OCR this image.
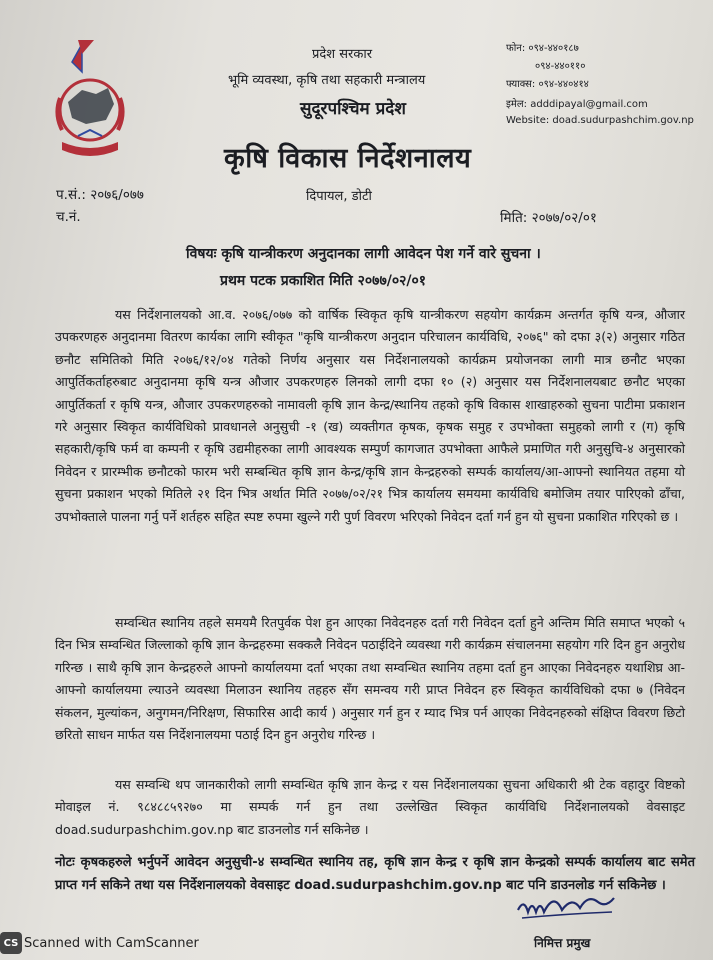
प्रदेश सरकार
भूमि व्यवस्था, कृषि तथा सहकारी मन्त्रालय
सुदूरपश्चिम प्रदेश
कृषि विकास निर्देशनालय
फोन: ०९४-४४०१८७
०९४-४४०११०
फ्याक्स: ०९४-४४०४१४
इमेल: adddipayal@gmail.com
Website: doad.sudurpashchim.gov.np
प.सं.: २०७६/०७७	दिपायल, डोटी
च.नं.	मिति: २०७७/०२/०१
विषयः कृषि यान्त्रीकरण अनुदानका लागी आवेदन पेश गर्ने वारे सुचना ।
प्रथम पटक प्रकाशित मिति २०७७/०२/०१

यस निर्देशनालयको आ.व. २०७६/०७७ को वार्षिक स्विकृत कृषि यान्त्रीकरण सहयोग कार्यक्रम अन्तर्गत कृषि यन्त्र, औजार उपकरणहरु अनुदानमा वितरण कार्यका लागि स्वीकृत "कृषि यान्त्रीकरण अनुदान परिचालन कार्यविधि, २०७६" को दफा ३(२) अनुसार गठित छनौट समितिको मिति २०७६/१२/०४ गतेको निर्णय अनुसार यस निर्देशनालयको कार्यक्रम प्रयोजनका लागी मात्र छनौट भएका आपुर्तिकर्ताहरुबाट अनुदानमा कृषि यन्त्र औजार उपकरणहरु लिनको लागी दफा १० (२) अनुसार यस निर्देशनालयबाट छनौट भएका आपुर्तिकर्ता र कृषि यन्त्र, औजार उपकरणहरुको नामावली कृषि ज्ञान केन्द्र/स्थानिय तहको कृषि विकास शाखाहरुको सुचना पाटीमा प्रकाशन गरे अनुसार स्विकृत कार्यविधिको प्रावधानले अनुसुची -१ (ख) व्यक्तीगत कृषक, कृषक समुह र उपभोक्ता समुहको लागी र (ग) कृषि सहकारी/कृषि फर्म वा कम्पनी र कृषि उद्यमीहरुका लागी आवश्यक सम्पुर्ण कागजात उपभोक्ता आफैले प्रमाणित गरी अनुसुचि-४ अनुसारको निवेदन र प्रारम्भीक छनौटको फारम भरी सम्बन्धित कृषि ज्ञान केन्द्र/कृषि ज्ञान केन्द्रहरुको सम्पर्क कार्यालय/आ-आफ्नो स्थानियत तहमा यो सुचना प्रकाशन भएको मितिले २१ दिन भित्र अर्थात मिति २०७७/०२/२१ भित्र कार्यालय समयमा कार्यविधि बमोजिम तयार पारिएको ढाँचा, उपभोक्ताले पालना गर्नु पर्ने शर्तहरु सहित स्पष्ट रुपमा खुल्ने गरी पुर्ण विवरण भरिएको निवेदन दर्ता गर्न हुन यो सुचना प्रकाशित गरिएको छ ।

सम्वन्धित स्थानिय तहले समयमै रितपुर्वक पेश हुन आएका निवेदनहरु दर्ता गरी निवेदन दर्ता हुने अन्तिम मिति समाप्त भएको ५ दिन भित्र सम्वन्धित जिल्लाको कृषि ज्ञान केन्द्रहरुमा सक्कलै निवेदन पठाईदिने व्यवस्था गरी कार्यक्रम संचालनमा सहयोग गरि दिन हुन अनुरोध गरिन्छ । साथै कृषि ज्ञान केन्द्रहरुले आफ्नो कार्यालयमा दर्ता भएका तथा सम्वन्धित स्थानिय तहमा दर्ता हुन आएका निवेदनहरु यथाशिघ्र आ-आफ्नो कार्यालयमा ल्याउने व्यवस्था मिलाउन स्थानिय तहहरु सँग समन्वय गरी प्राप्त निवेदन हरु स्विकृत कार्यविधिको दफा ७ (निवेदन संकलन, मुल्यांकन, अनुगमन/निरिक्षण, सिफारिस आदी कार्य ) अनुसार गर्न हुन र म्याद भित्र पर्न आएका निवेदनहरुको संक्षिप्त विवरण छिटो छरितो साधन मार्फत यस निर्देशनालयमा पठाई दिन हुन अनुरोध गरिन्छ ।

यस सम्वन्धि थप जानकारीको लागी सम्वन्धित कृषि ज्ञान केन्द्र र यस निर्देशनालयका सुचना अधिकारी श्री टेक वहादुर विष्टको मोवाइल नं. ९८४८८५९२७० मा सम्पर्क गर्न हुन तथा उल्लेखित स्विकृत कार्यविधि निर्देशनालयको वेवसाइट doad.sudurpashchim.gov.np बाट डाउनलोड गर्न सकिनेछ ।

नोटः कृषकहरुले भर्नुपर्ने आवेदन अनुसुची-४ सम्वन्धित स्थानिय तह, कृषि ज्ञान केन्द्र र कृषि ज्ञान केन्द्रको सम्पर्क कार्यालय बाट समेत प्राप्त गर्न सकिने तथा यस निर्देशनालयको वेवसाइट doad.sudurpashchim.gov.np बाट पनि डाउनलोड गर्न सकिनेछ ।

निमित्त प्रमुख
CS Scanned with CamScanner
